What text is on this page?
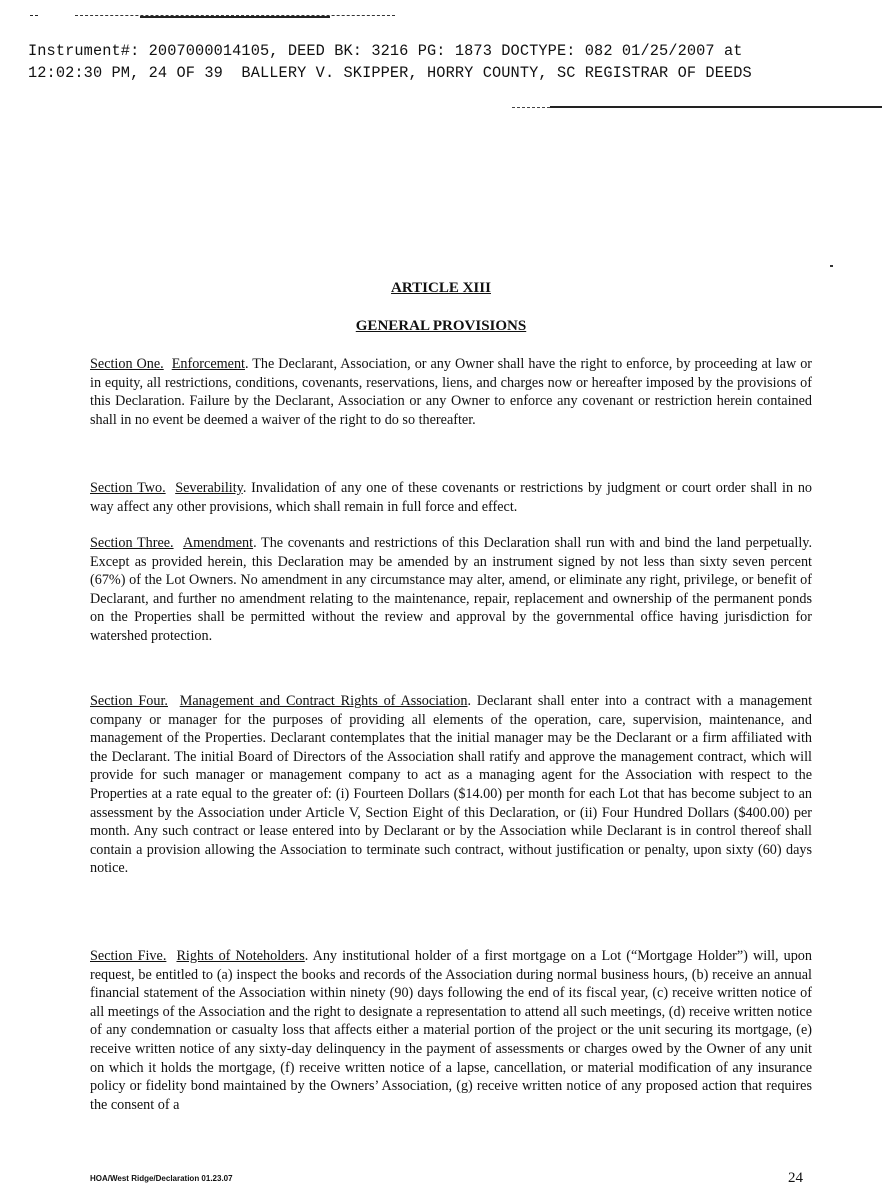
Instrument#: 2007000014105, DEED BK: 3216 PG: 1873 DOCTYPE: 082 01/25/2007 at
12:02:30 PM, 24 OF 39  BALLERY V. SKIPPER, HORRY COUNTY, SC REGISTRAR OF DEEDS
ARTICLE XIII
GENERAL PROVISIONS
Section One. Enforcement. The Declarant, Association, or any Owner shall have the right to enforce, by proceeding at law or in equity, all restrictions, conditions, covenants, reservations, liens, and charges now or hereafter imposed by the provisions of this Declaration. Failure by the Declarant, Association or any Owner to enforce any covenant or restriction herein contained shall in no event be deemed a waiver of the right to do so thereafter.
Section Two. Severability. Invalidation of any one of these covenants or restrictions by judgment or court order shall in no way affect any other provisions, which shall remain in full force and effect.
Section Three. Amendment. The covenants and restrictions of this Declaration shall run with and bind the land perpetually. Except as provided herein, this Declaration may be amended by an instrument signed by not less than sixty seven percent (67%) of the Lot Owners. No amendment in any circumstance may alter, amend, or eliminate any right, privilege, or benefit of Declarant, and further no amendment relating to the maintenance, repair, replacement and ownership of the permanent ponds on the Properties shall be permitted without the review and approval by the governmental office having jurisdiction for watershed protection.
Section Four. Management and Contract Rights of Association. Declarant shall enter into a contract with a management company or manager for the purposes of providing all elements of the operation, care, supervision, maintenance, and management of the Properties. Declarant contemplates that the initial manager may be the Declarant or a firm affiliated with the Declarant. The initial Board of Directors of the Association shall ratify and approve the management contract, which will provide for such manager or management company to act as a managing agent for the Association with respect to the Properties at a rate equal to the greater of: (i) Fourteen Dollars ($14.00) per month for each Lot that has become subject to an assessment by the Association under Article V, Section Eight of this Declaration, or (ii) Four Hundred Dollars ($400.00) per month. Any such contract or lease entered into by Declarant or by the Association while Declarant is in control thereof shall contain a provision allowing the Association to terminate such contract, without justification or penalty, upon sixty (60) days notice.
Section Five. Rights of Noteholders. Any institutional holder of a first mortgage on a Lot (“Mortgage Holder”) will, upon request, be entitled to (a) inspect the books and records of the Association during normal business hours, (b) receive an annual financial statement of the Association within ninety (90) days following the end of its fiscal year, (c) receive written notice of all meetings of the Association and the right to designate a representation to attend all such meetings, (d) receive written notice of any condemnation or casualty loss that affects either a material portion of the project or the unit securing its mortgage, (e) receive written notice of any sixty-day delinquency in the payment of assessments or charges owed by the Owner of any unit on which it holds the mortgage, (f) receive written notice of a lapse, cancellation, or material modification of any insurance policy or fidelity bond maintained by the Owners’ Association, (g) receive written notice of any proposed action that requires the consent of a
HOA/West Ridge/Declaration 01.23.07	24
